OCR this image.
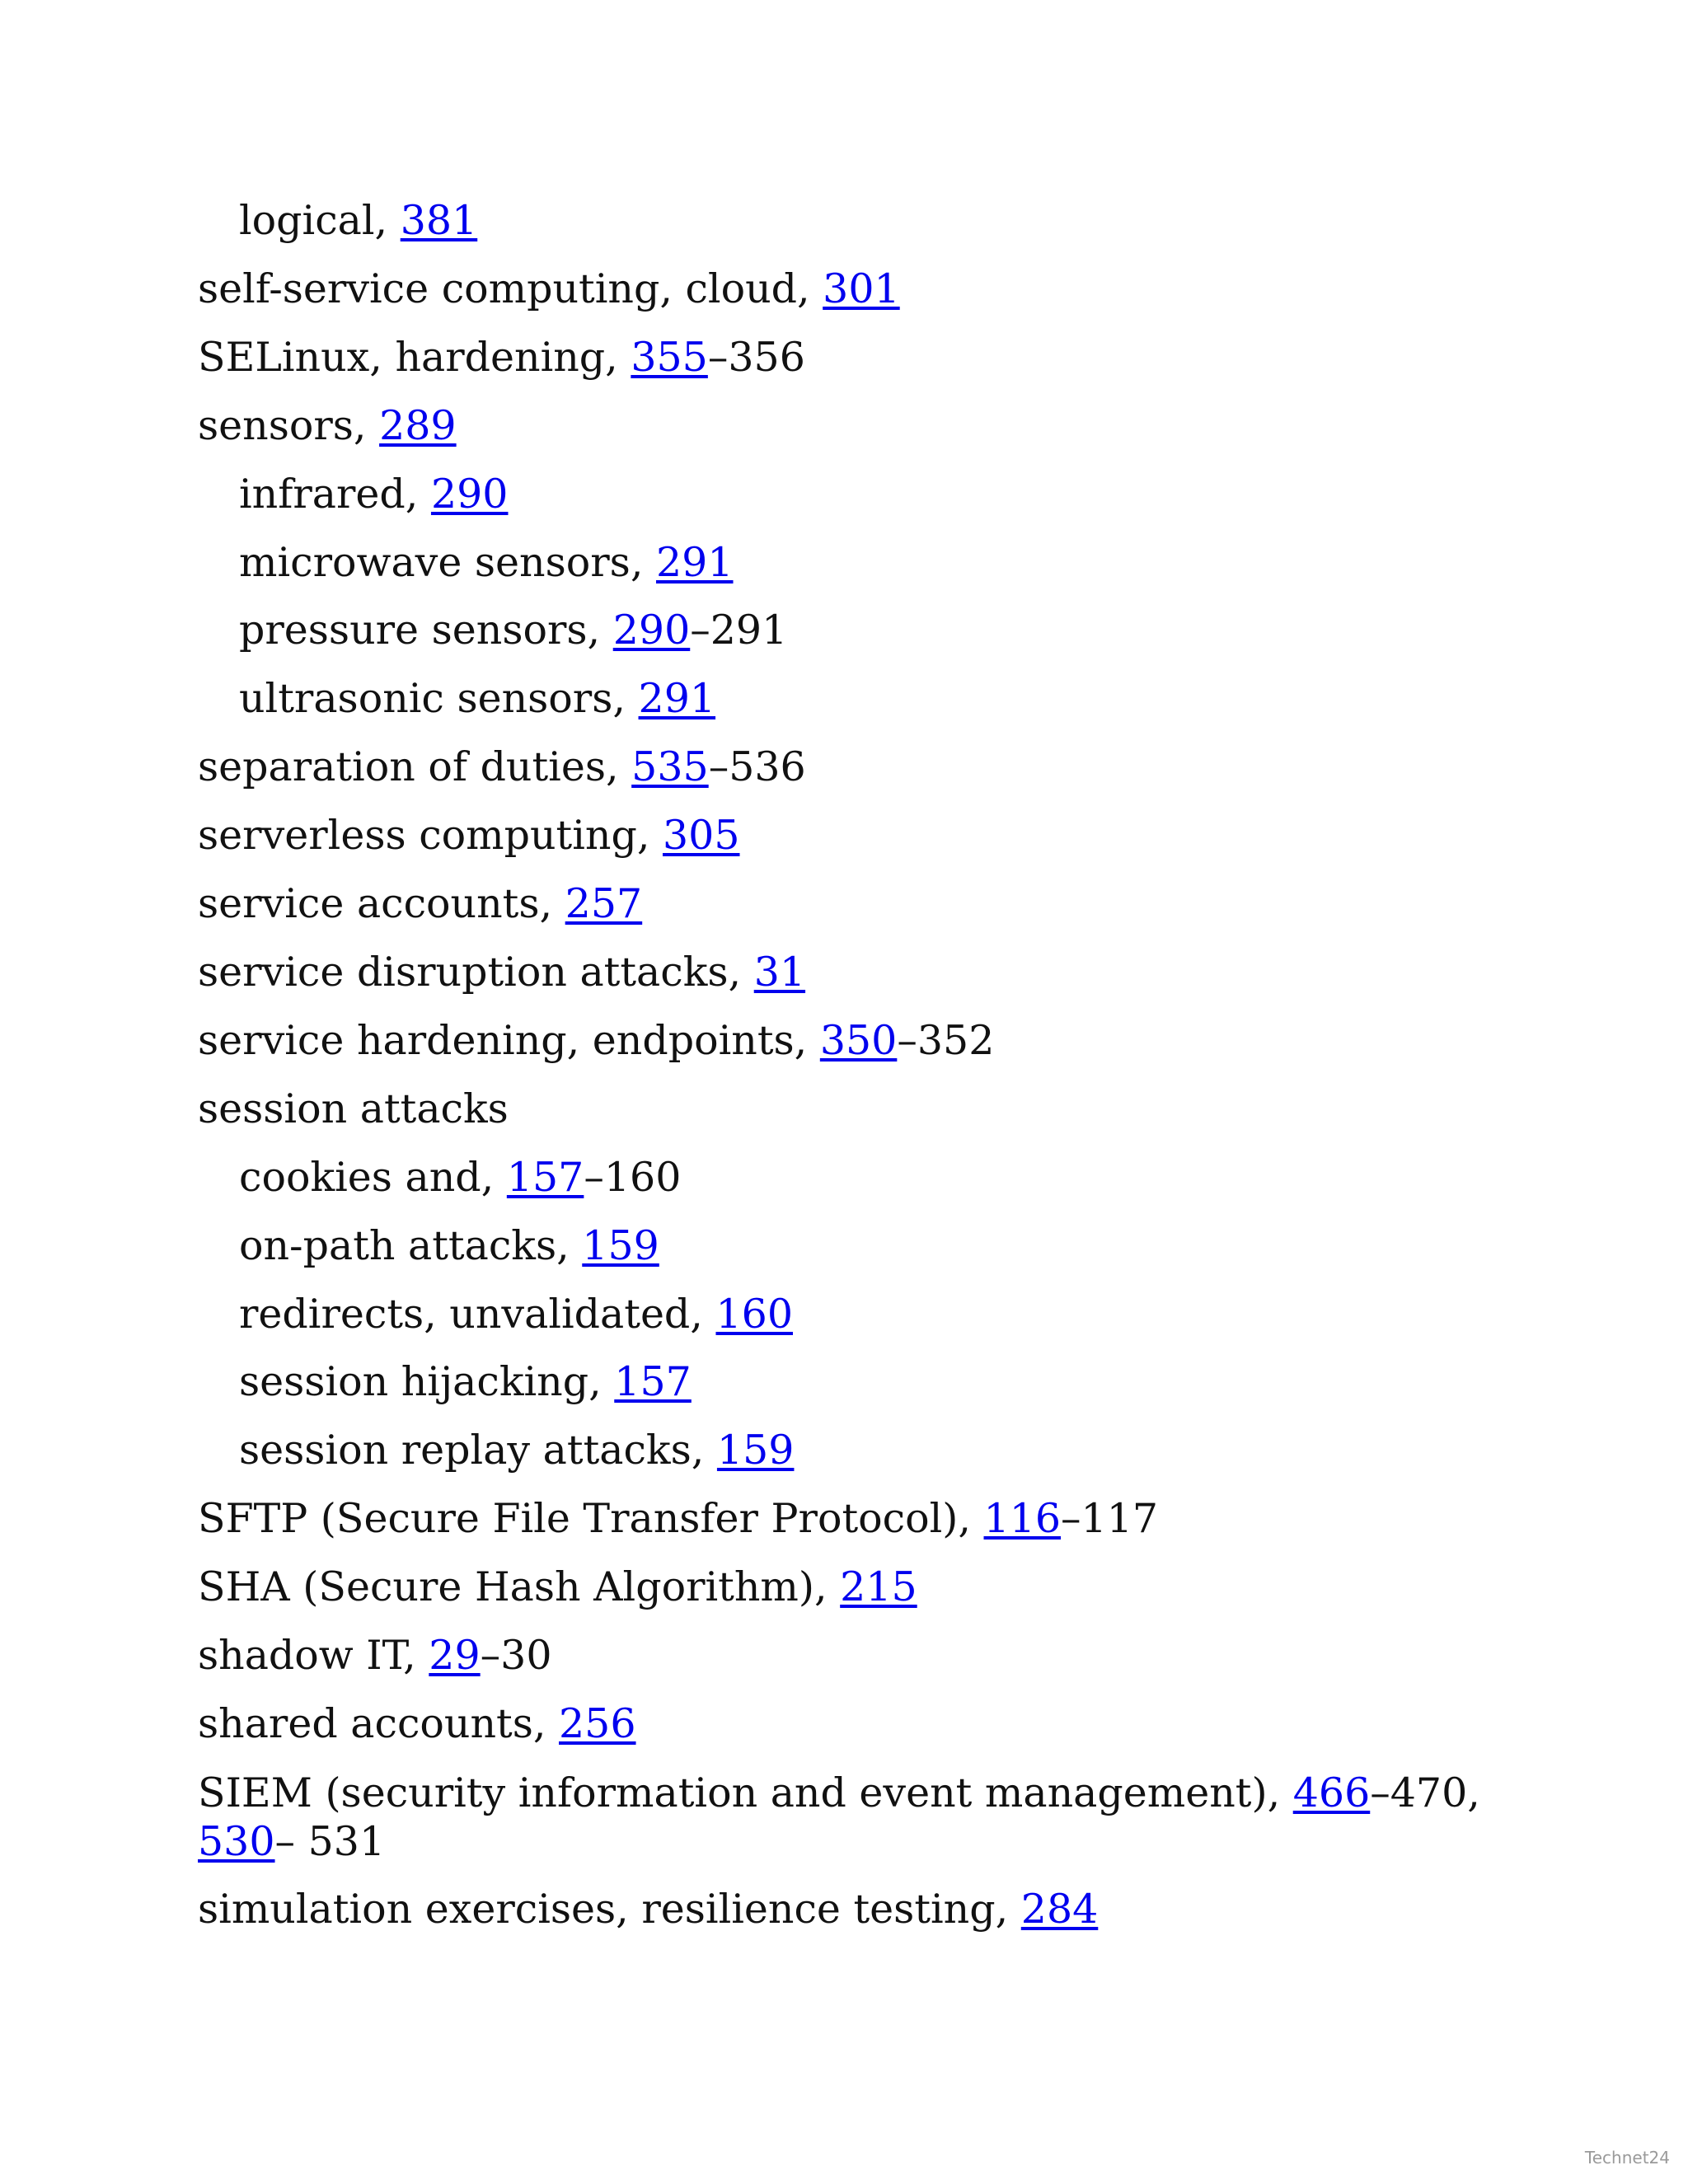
logical, 381
self-service computing, cloud, 301
SELinux, hardening, 355–356
sensors, 289
infrared, 290
microwave sensors, 291
pressure sensors, 290–291
ultrasonic sensors, 291
separation of duties, 535–536
serverless computing, 305
service accounts, 257
service disruption attacks, 31
service hardening, endpoints, 350–352
session attacks
cookies and, 157–160
on-path attacks, 159
redirects, unvalidated, 160
session hijacking, 157
session replay attacks, 159
SFTP (Secure File Transfer Protocol), 116–117
SHA (Secure Hash Algorithm), 215
shadow IT, 29–30
shared accounts, 256
SIEM (security information and event management), 466–470, 530– 531
simulation exercises, resilience testing, 284
Technet24
